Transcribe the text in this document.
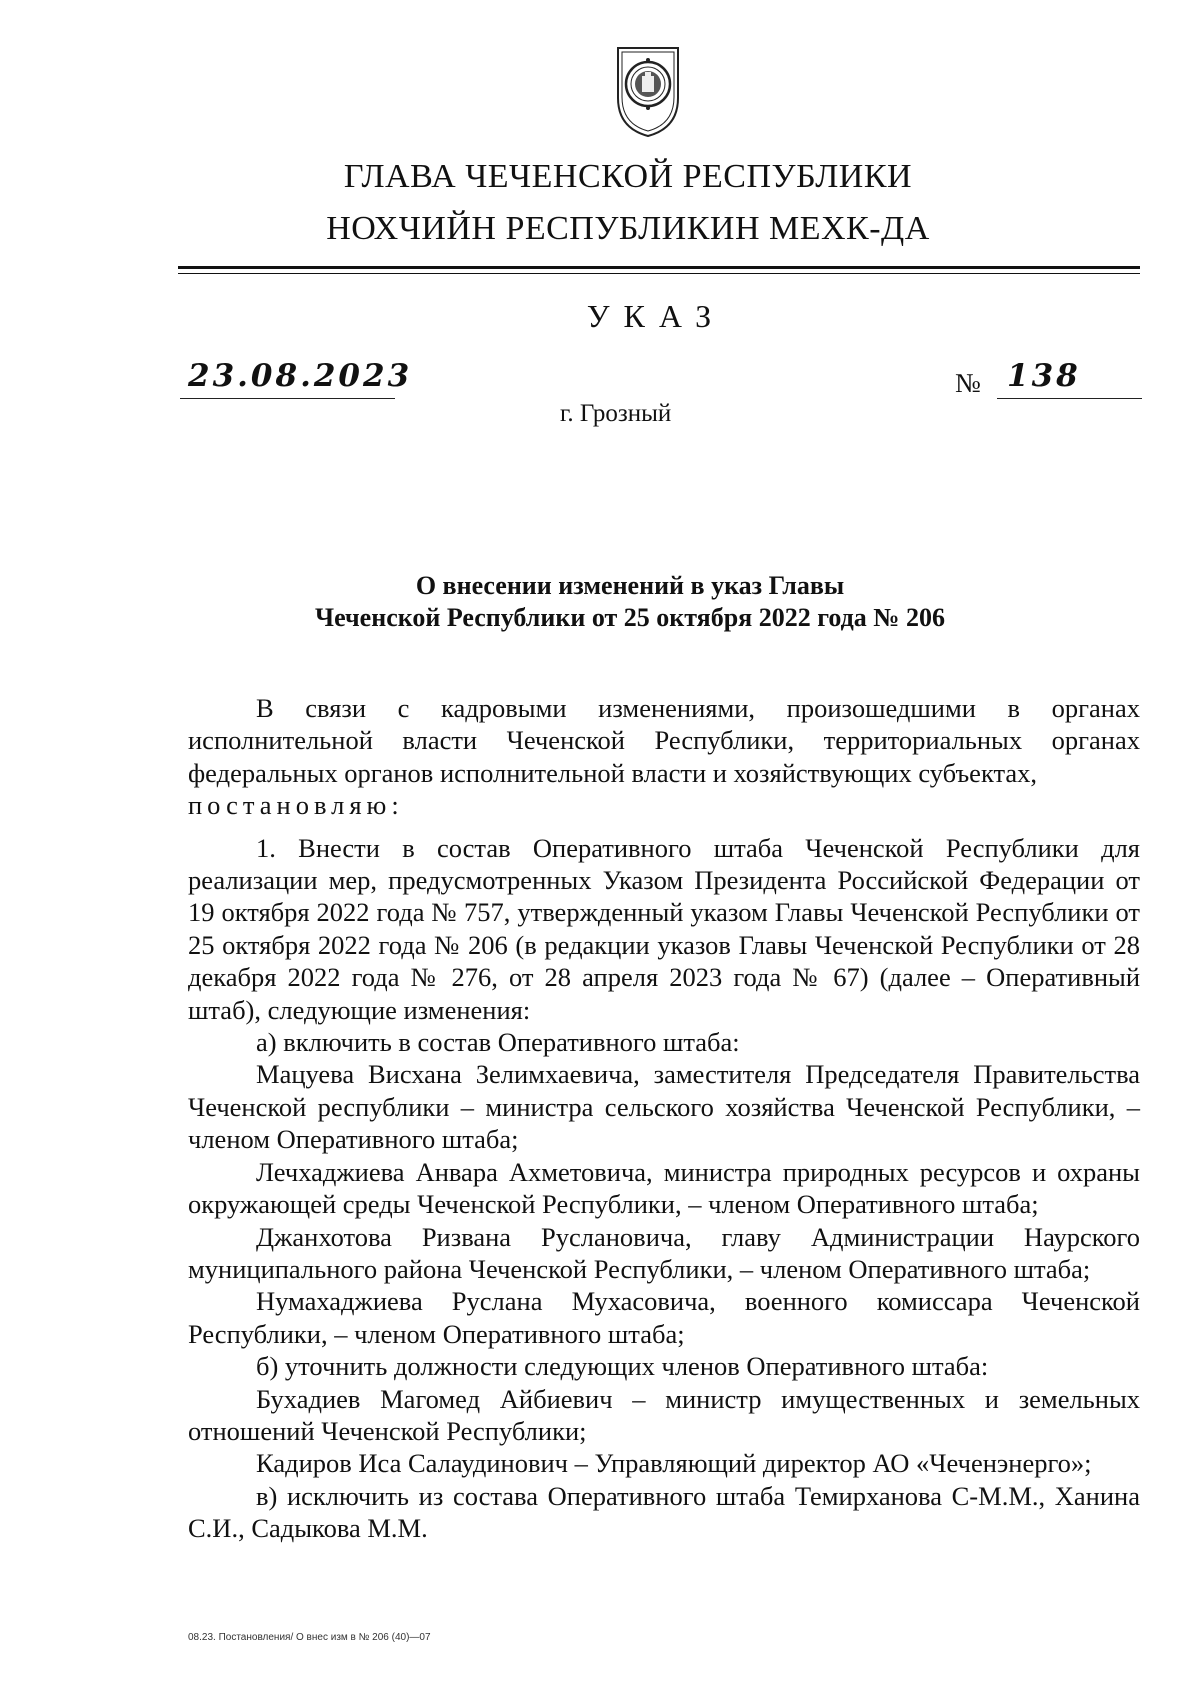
ГЛАВА ЧЕЧЕНСКОЙ РЕСПУБЛИКИ
НОХЧИЙН РЕСПУБЛИКИН МЕХК-ДА
УКАЗ
23.08.2023	№ 138
г. Грозный
О внесении изменений в указ Главы
Чеченской Республики от 25 октября 2022 года № 206

В связи с кадровыми изменениями, произошедшими в органах исполнительной власти Чеченской Республики, территориальных органах федеральных органов исполнительной власти и хозяйствующих субъектах,

постановляю:

1. Внести в состав Оперативного штаба Чеченской Республики для реализации мер, предусмотренных Указом Президента Российской Федерации от 19 октября 2022 года № 757, утвержденный указом Главы Чеченской Республики от 25 октября 2022 года № 206 (в редакции указов Главы Чеченской Республики от 28 декабря 2022 года № 276, от 28 апреля 2023 года № 67) (далее – Оперативный штаб), следующие изменения:

а) включить в состав Оперативного штаба:

Мацуева Висхана Зелимхаевича, заместителя Председателя Правительства Чеченской республики – министра сельского хозяйства Чеченской Республики, – членом Оперативного штаба;

Лечхаджиева Анвара Ахметовича, министра природных ресурсов и охраны окружающей среды Чеченской Республики, – членом Оперативного штаба;

Джанхотова Ризвана Руслановича, главу Администрации Наурского муниципального района Чеченской Республики, – членом Оперативного штаба;

Нумахаджиева Руслана Мухасовича, военного комиссара Чеченской Республики, – членом Оперативного штаба;

б) уточнить должности следующих членов Оперативного штаба:

Бухадиев Магомед Айбиевич – министр имущественных и земельных отношений Чеченской Республики;

Кадиров Иса Салаудинович – Управляющий директор АО «Чеченэнерго»;

в) исключить из состава Оперативного штаба Темирханова С-М.М., Ханина С.И., Садыкова М.М.

08.23. Постановления/ О внес изм в № 206 (40)—07
